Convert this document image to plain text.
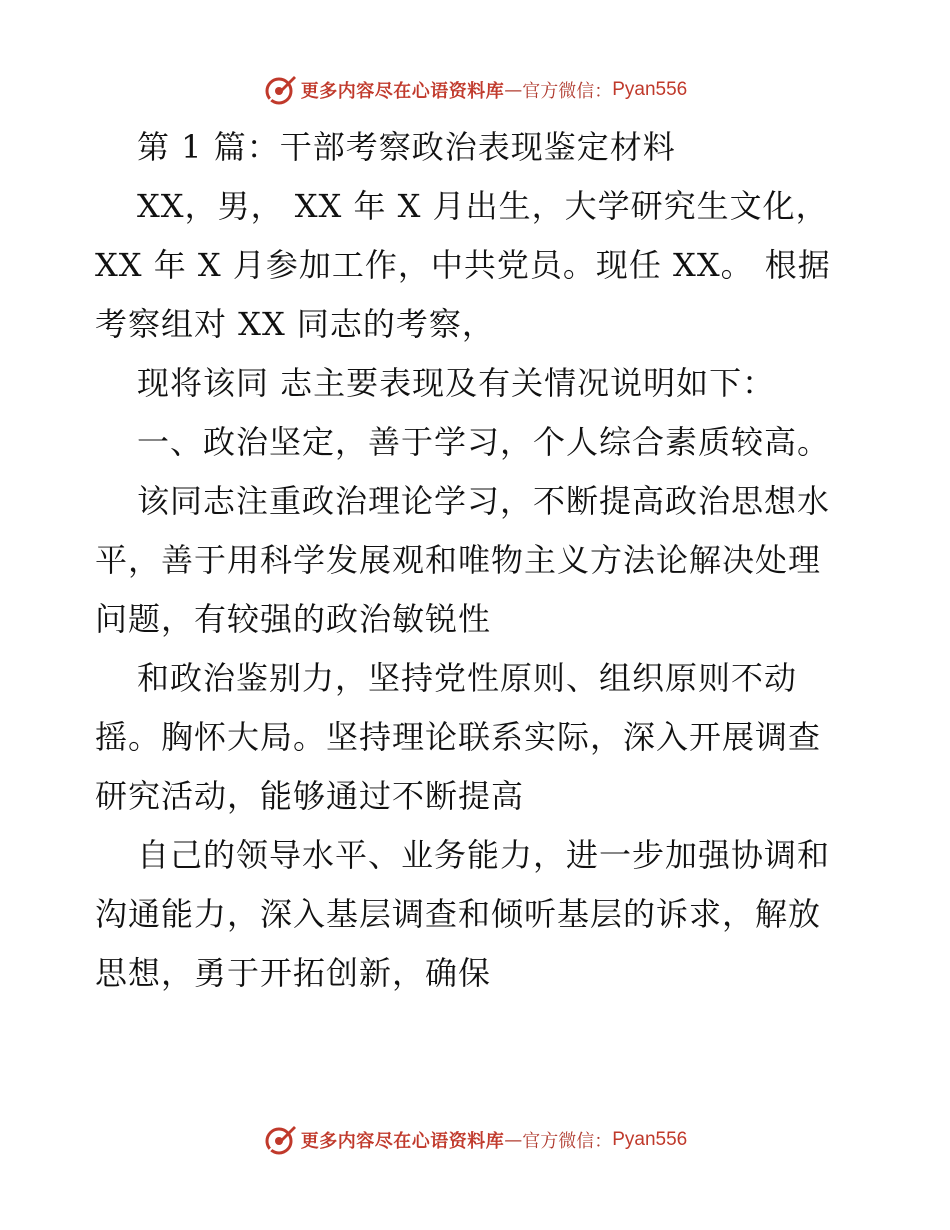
更多内容尽在心语资料库 — 官方微信： Pyan556
第 1 篇：干部考察政治表现鉴定材料
XX，男， XX 年 X 月出生，大学研究生文化，
XX 年 X 月参加工作，中共党员。现任 XX。 根据
考察组对 XX 同志的考察，
现将该同 志主要表现及有关情况说明如下：
一、政治坚定，善于学习，个人综合素质较高。
该同志注重政治理论学习，不断提高政治思想水
平，善于用科学发展观和唯物主义方法论解决处理
问题，有较强的政治敏锐性
和政治鉴别力，坚持党性原则、组织原则不动
摇。胸怀大局。坚持理论联系实际，深入开展调查
研究活动，能够通过不断提高
自己的领导水平、业务能力，进一步加强协调和
沟通能力，深入基层调查和倾听基层的诉求，解放
思想，勇于开拓创新，确保
更多内容尽在心语资料库 — 官方微信： Pyan556
